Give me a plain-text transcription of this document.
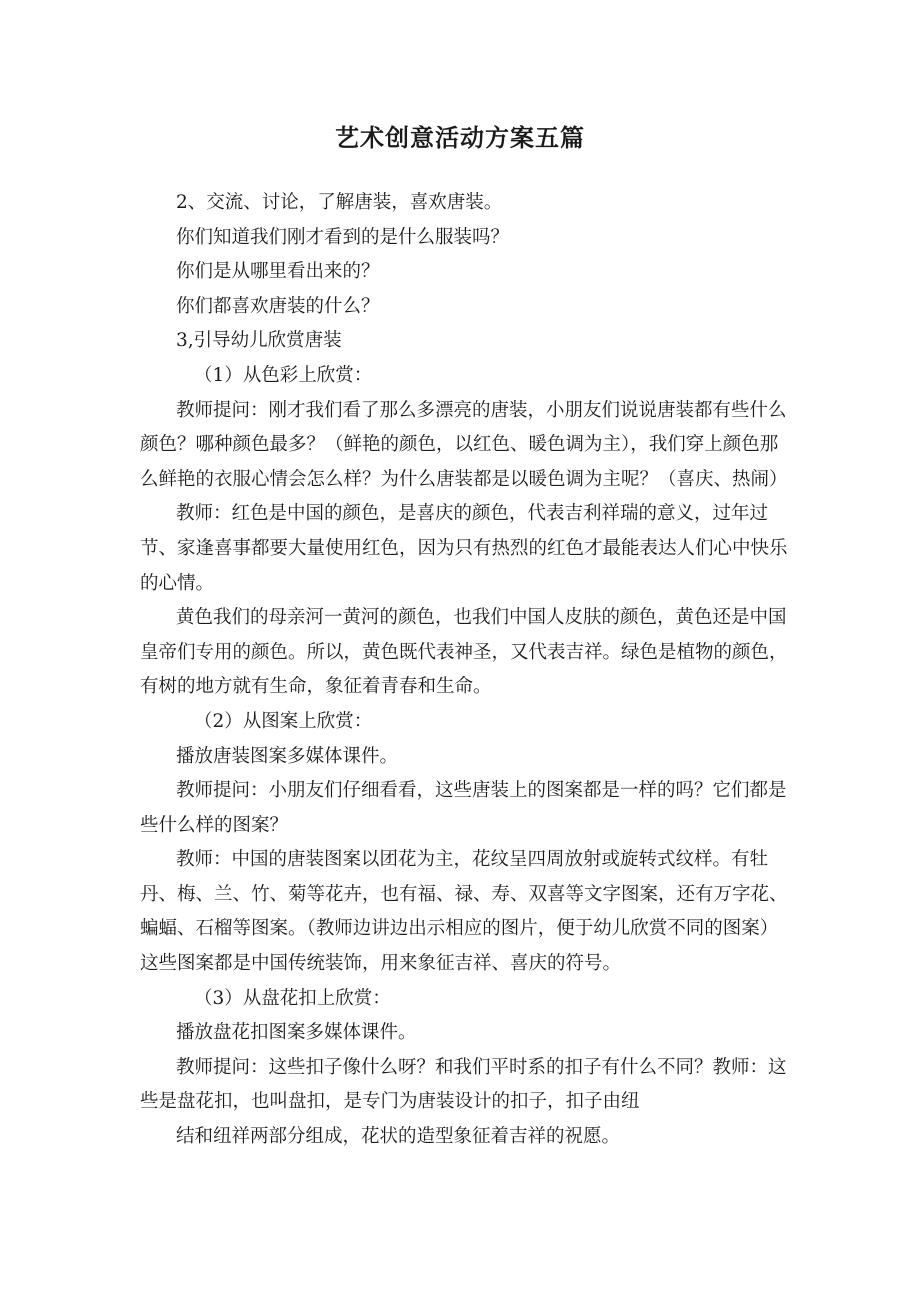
艺术创意活动方案五篇

2、交流、讨论，了解唐装，喜欢唐装。

你们知道我们刚才看到的是什么服装吗？

你们是从哪里看出来的？

你们都喜欢唐装的什么？

3,引导幼儿欣赏唐装

（1）从色彩上欣赏：

教师提问：刚才我们看了那么多漂亮的唐装，小朋友们说说唐装都有些什么颜色？哪种颜色最多？（鲜艳的颜色，以红色、暖色调为主），我们穿上颜色那么鲜艳的衣服心情会怎么样？为什么唐装都是以暖色调为主呢？（喜庆、热闹）

教师：红色是中国的颜色，是喜庆的颜色，代表吉利祥瑞的意义，过年过节、家逢喜事都要大量使用红色，因为只有热烈的红色才最能表达人们心中快乐的心情。

黄色我们的母亲河一黄河的颜色，也我们中国人皮肤的颜色，黄色还是中国皇帝们专用的颜色。所以，黄色既代表神圣，又代表吉祥。绿色是植物的颜色，有树的地方就有生命，象征着青春和生命。

（2）从图案上欣赏：

播放唐装图案多媒体课件。

教师提问：小朋友们仔细看看，这些唐装上的图案都是一样的吗？它们都是些什么样的图案？

教师：中国的唐装图案以团花为主，花纹呈四周放射或旋转式纹样。有牡丹、梅、兰、竹、菊等花卉，也有福、禄、寿、双喜等文字图案，还有万字花、蝙蝠、石榴等图案。（教师边讲边出示相应的图片，便于幼儿欣赏不同的图案）这些图案都是中国传统装饰，用来象征吉祥、喜庆的符号。

（3）从盘花扣上欣赏：

播放盘花扣图案多媒体课件。

教师提问：这些扣子像什么呀？和我们平时系的扣子有什么不同？教师：这些是盘花扣，也叫盘扣，是专门为唐装设计的扣子，扣子由纽

结和纽祥两部分组成，花状的造型象征着吉祥的祝愿。
